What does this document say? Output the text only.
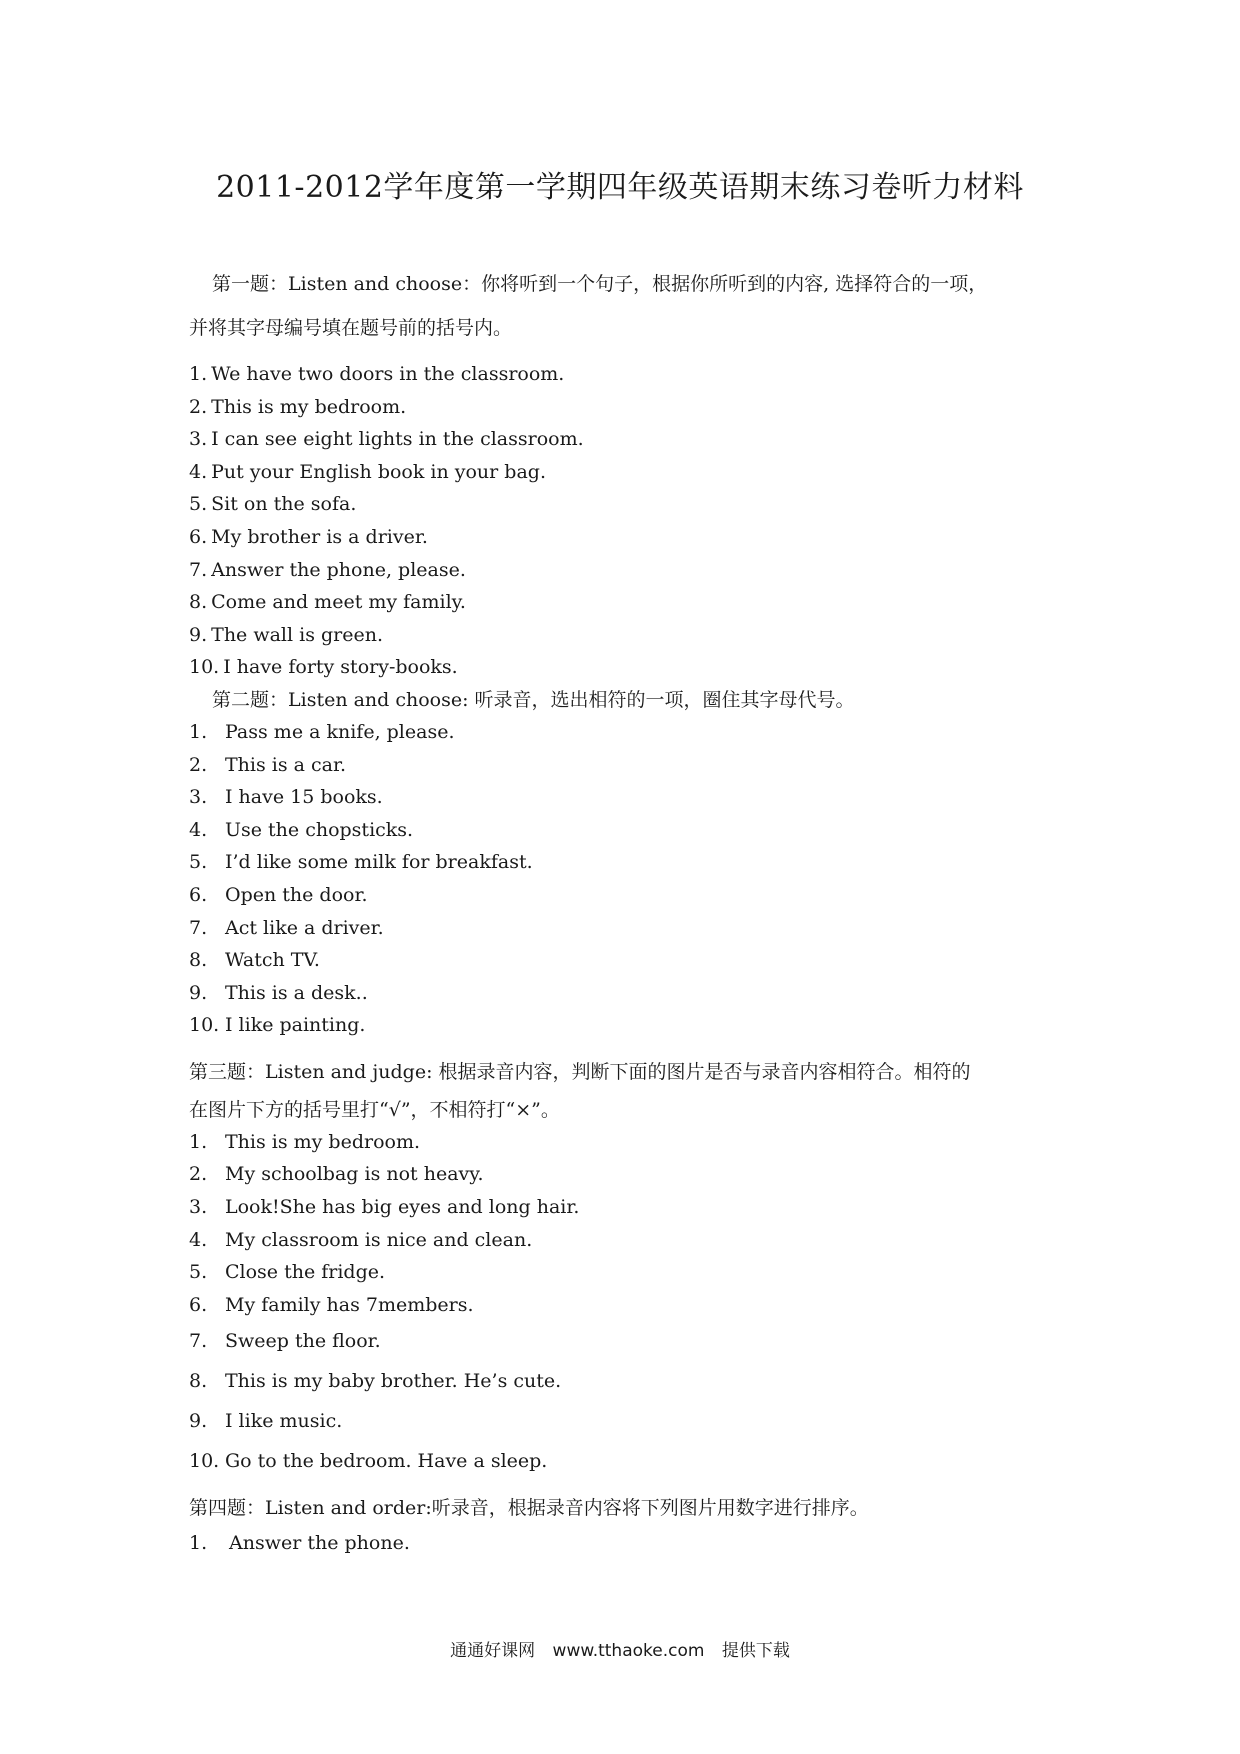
2011-2012学年度第一学期四年级英语期末练习卷听力材料
第一题：Listen and choose：你将听到一个句子，根据你所听到的内容, 选择符合的一项，
并将其字母编号填在题号前的括号内。
1. We have two doors in the classroom.
2. This is my bedroom.
3. I can see eight lights in the classroom.
4. Put your English book in your bag.
5. Sit on the sofa.
6. My brother is a driver.
7. Answer the phone, please.
8. Come and meet my family.
9. The wall is green.
10. I have forty story-books.
第二题：Listen and choose: 听录音，选出相符的一项，圈住其字母代号。
1. Pass me a knife, please.
2. This is a car.
3. I have 15 books.
4. Use the chopsticks.
5. I’d like some milk for breakfast.
6. Open the door.
7. Act like a driver.
8. Watch TV.
9. This is a desk..
10. I like painting.
第三题：Listen and judge: 根据录音内容，判断下面的图片是否与录音内容相符合。相符的
在图片下方的括号里打“√”，不相符打“×”。
1. This is my bedroom.
2. My schoolbag is not heavy.
3. Look!She has big eyes and long hair.
4. My classroom is nice and clean.
5. Close the fridge.
6. My family has 7members.
7. Sweep the floor.
8. This is my baby brother. He’s cute.
9. I like music.
10. Go to the bedroom. Have a sleep.
第四题：Listen and order:听录音，根据录音内容将下列图片用数字进行排序。
1. Answer the phone.
通通好课网 www.tthaoke.com 提供下载
